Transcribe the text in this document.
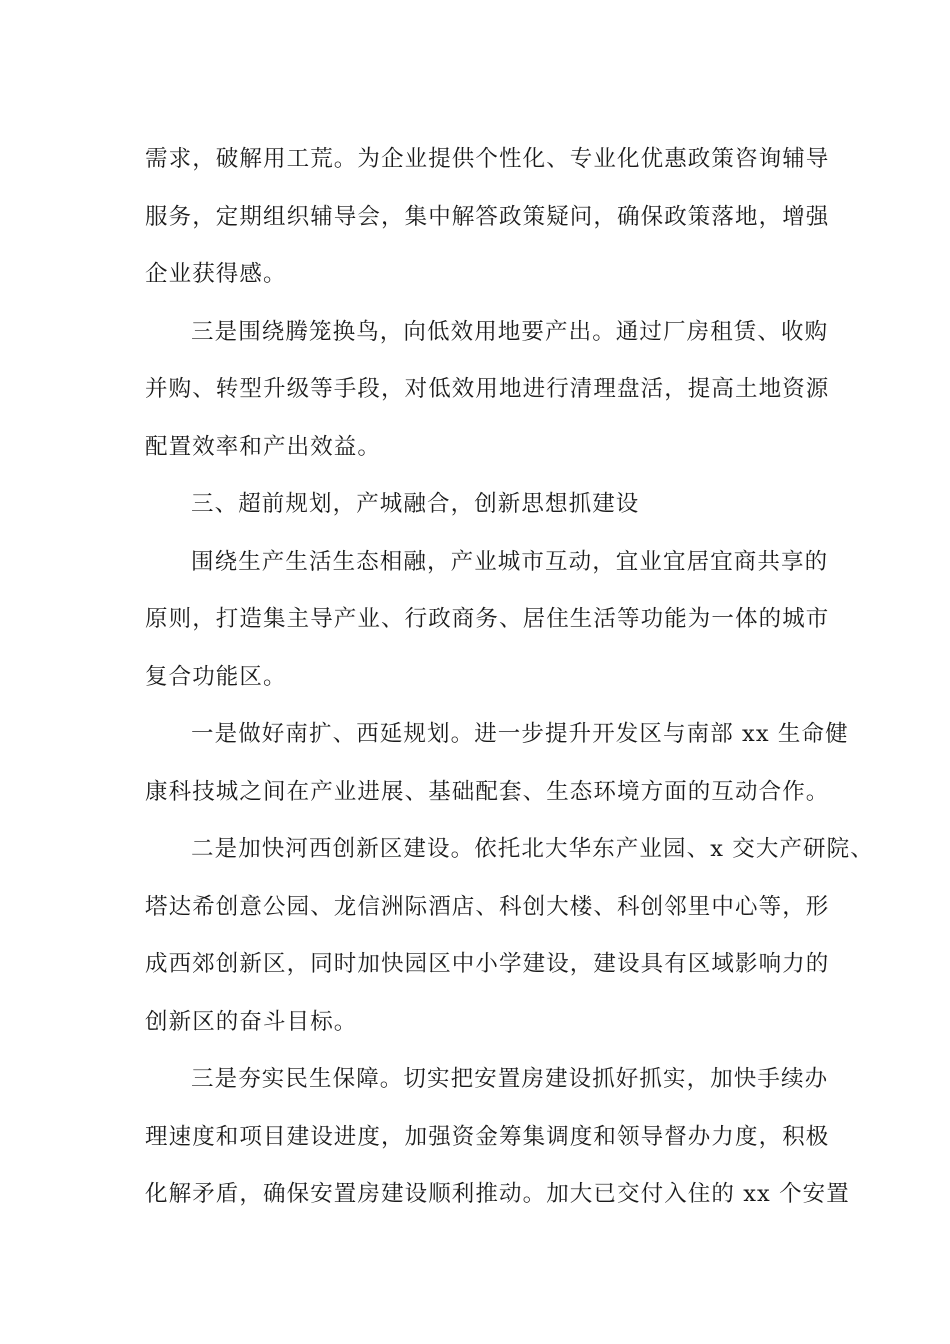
需求，破解用工荒。为企业提供个性化、专业化优惠政策咨询辅导
服务，定期组织辅导会，集中解答政策疑问，确保政策落地，增强
企业获得感。

三是围绕腾笼换鸟，向低效用地要产出。通过厂房租赁、收购
并购、转型升级等手段，对低效用地进行清理盘活，提高土地资源
配置效率和产出效益。

三、超前规划，产城融合，创新思想抓建设

围绕生产生活生态相融，产业城市互动，宜业宜居宜商共享的
原则，打造集主导产业、行政商务、居住生活等功能为一体的城市
复合功能区。

一是做好南扩、西延规划。进一步提升开发区与南部 xx 生命健
康科技城之间在产业进展、基础配套、生态环境方面的互动合作。

二是加快河西创新区建设。依托北大华东产业园、x 交大产研院、
塔达希创意公园、龙信洲际酒店、科创大楼、科创邻里中心等，形
成西郊创新区，同时加快园区中小学建设，建设具有区域影响力的
创新区的奋斗目标。

三是夯实民生保障。切实把安置房建设抓好抓实，加快手续办
理速度和项目建设进度，加强资金筹集调度和领导督办力度，积极
化解矛盾，确保安置房建设顺利推动。加大已交付入住的 xx 个安置
